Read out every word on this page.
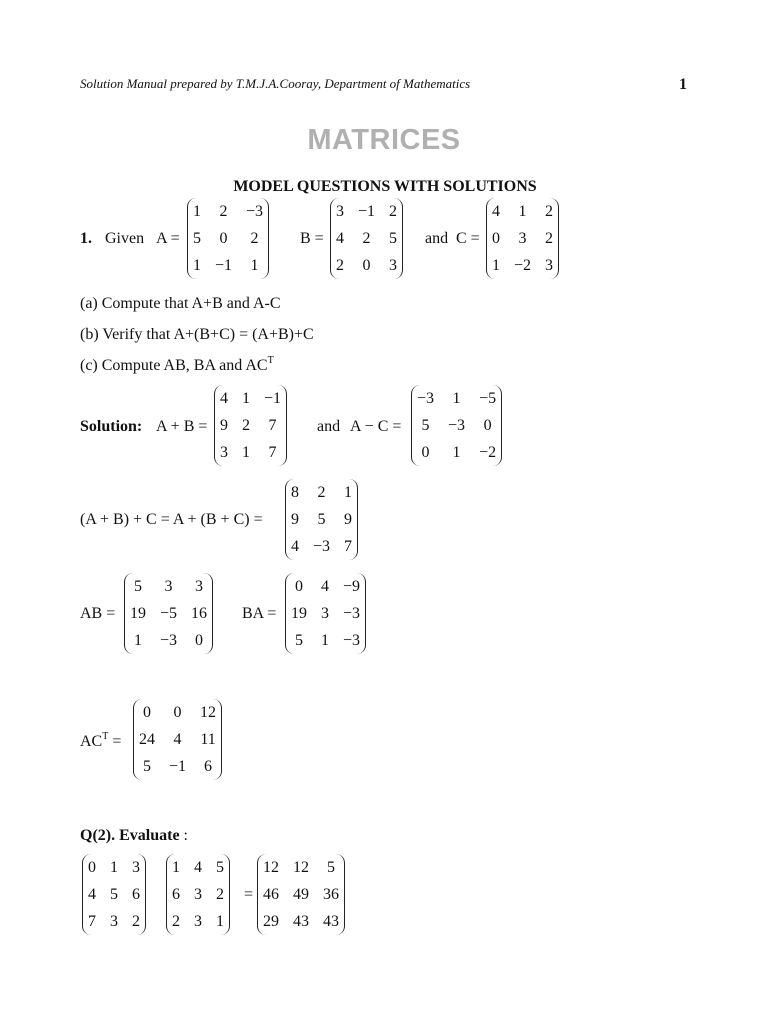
Solution Manual prepared by T.M.J.A.Cooray, Department of Mathematics	1
MATRICES
MODEL QUESTIONS WITH SOLUTIONS
1. Given A =
1 2 −3
5 0 2
1 −1 1
B =
3 −1 2
4 2 5
2 0 3
and C =
4 1 2
0 3 2
1 −2 3
(a) Compute that A+B and A-C
(b) Verify that A+(B+C) = (A+B)+C
(c) Compute AB, BA and $AC^T$
Solution: A + B =
4 1 −1
9 2 7
3 1 7
and A − C =
−3 1 −5
5 −3 0
0 1 −2
(A + B) + C = A + (B + C) =
8 2 1
9 5 9
4 −3 7
AB =
5 3 3
19 −5 16
1 −3 0
BA =
0 4 −9
19 3 −3
5 1 −3
$AC^T$ =
0 0 12
24 4 11
5 −1 6
Q(2). Evaluate :
0 1 3
4 5 6
7 3 2
1 4 5
6 3 2
2 3 1
=
12 12 5
46 49 36
29 43 43
